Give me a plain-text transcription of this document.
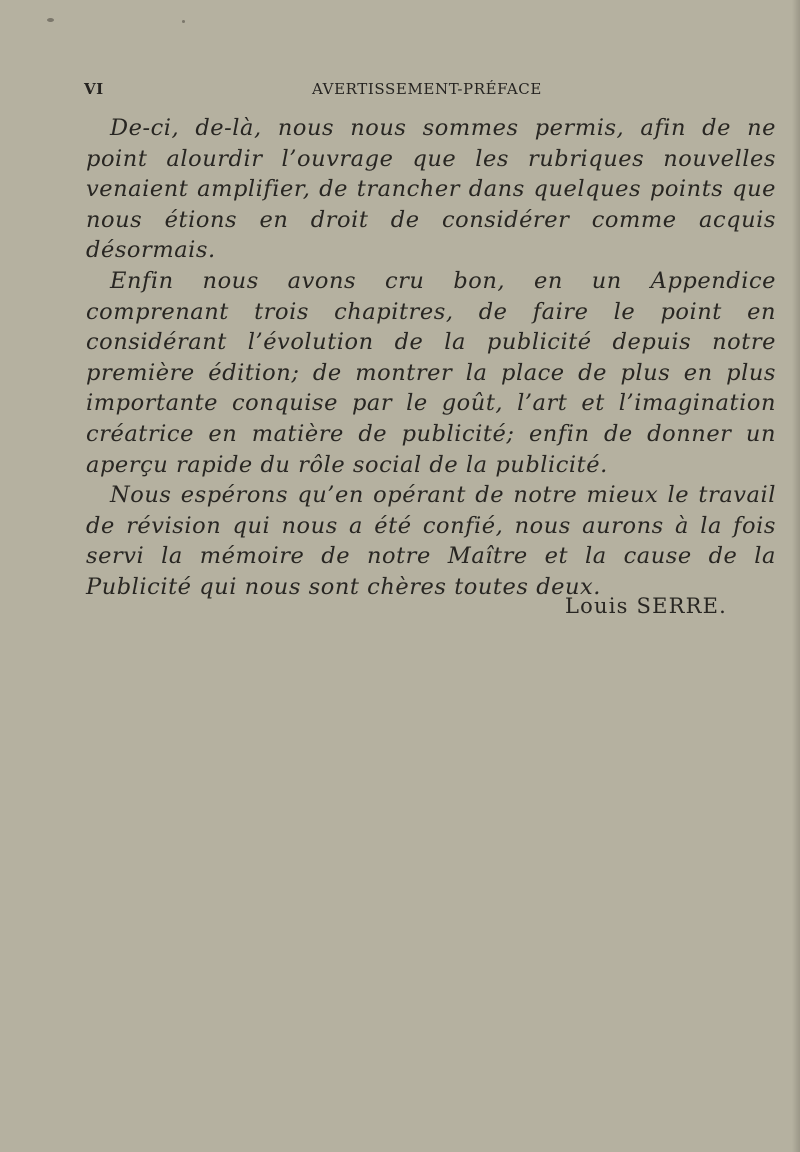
VI	AVERTISSEMENT-PRÉFACE

De-ci, de-là, nous nous sommes permis, afin de ne point alourdir l’ouvrage que les rubriques nouvelles venaient amplifier, de trancher dans quelques points que nous étions en droit de considérer comme acquis désormais.

Enfin nous avons cru bon, en un Appendice comprenant trois chapitres, de faire le point en considérant l’évolution de la publicité depuis notre première édition; de montrer la place de plus en plus importante conquise par le goût, l’art et l’imagination créatrice en matière de publicité; enfin de donner un aperçu rapide du rôle social de la publicité.

Nous espérons qu’en opérant de notre mieux le travail de révision qui nous a été confié, nous aurons à la fois servi la mémoire de notre Maître et la cause de la Publicité qui nous sont chères toutes deux.

Louis SERRE.
